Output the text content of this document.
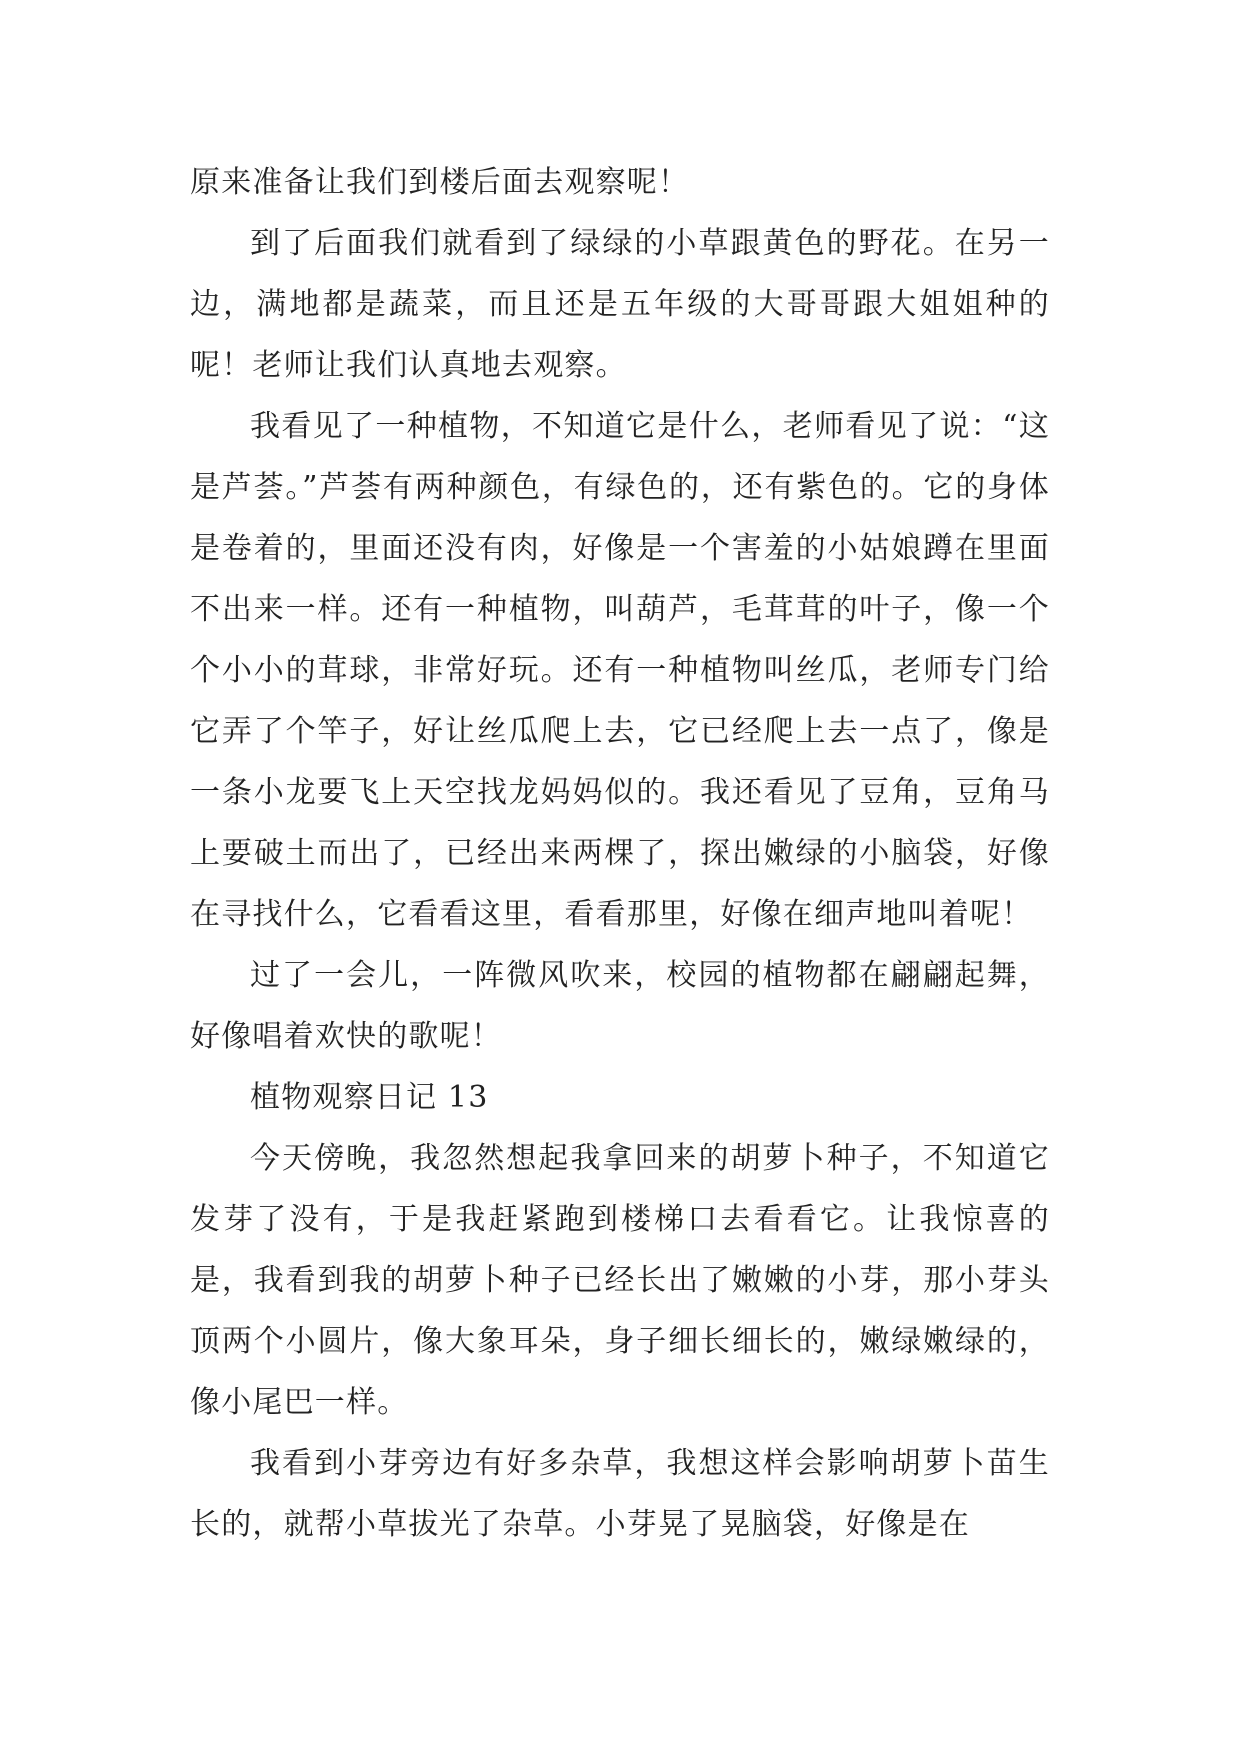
原来准备让我们到楼后面去观察呢！

到了后面我们就看到了绿绿的小草跟黄色的野花。在另一边，满地都是蔬菜，而且还是五年级的大哥哥跟大姐姐种的呢！老师让我们认真地去观察。

我看见了一种植物，不知道它是什么，老师看见了说：“这是芦荟。”芦荟有两种颜色，有绿色的，还有紫色的。它的身体是卷着的，里面还没有肉，好像是一个害羞的小姑娘蹲在里面不出来一样。还有一种植物，叫葫芦，毛茸茸的叶子，像一个个小小的茸球，非常好玩。还有一种植物叫丝瓜，老师专门给它弄了个竿子，好让丝瓜爬上去，它已经爬上去一点了，像是一条小龙要飞上天空找龙妈妈似的。我还看见了豆角，豆角马上要破土而出了，已经出来两棵了，探出嫩绿的小脑袋，好像在寻找什么，它看看这里，看看那里，好像在细声地叫着呢！

过了一会儿，一阵微风吹来，校园的植物都在翩翩起舞，好像唱着欢快的歌呢！

植物观察日记 13

今天傍晚，我忽然想起我拿回来的胡萝卜种子，不知道它发芽了没有，于是我赶紧跑到楼梯口去看看它。让我惊喜的是，我看到我的胡萝卜种子已经长出了嫩嫩的小芽，那小芽头顶两个小圆片，像大象耳朵，身子细长细长的，嫩绿嫩绿的，像小尾巴一样。

我看到小芽旁边有好多杂草，我想这样会影响胡萝卜苗生长的，就帮小草拔光了杂草。小芽晃了晃脑袋，好像是在
